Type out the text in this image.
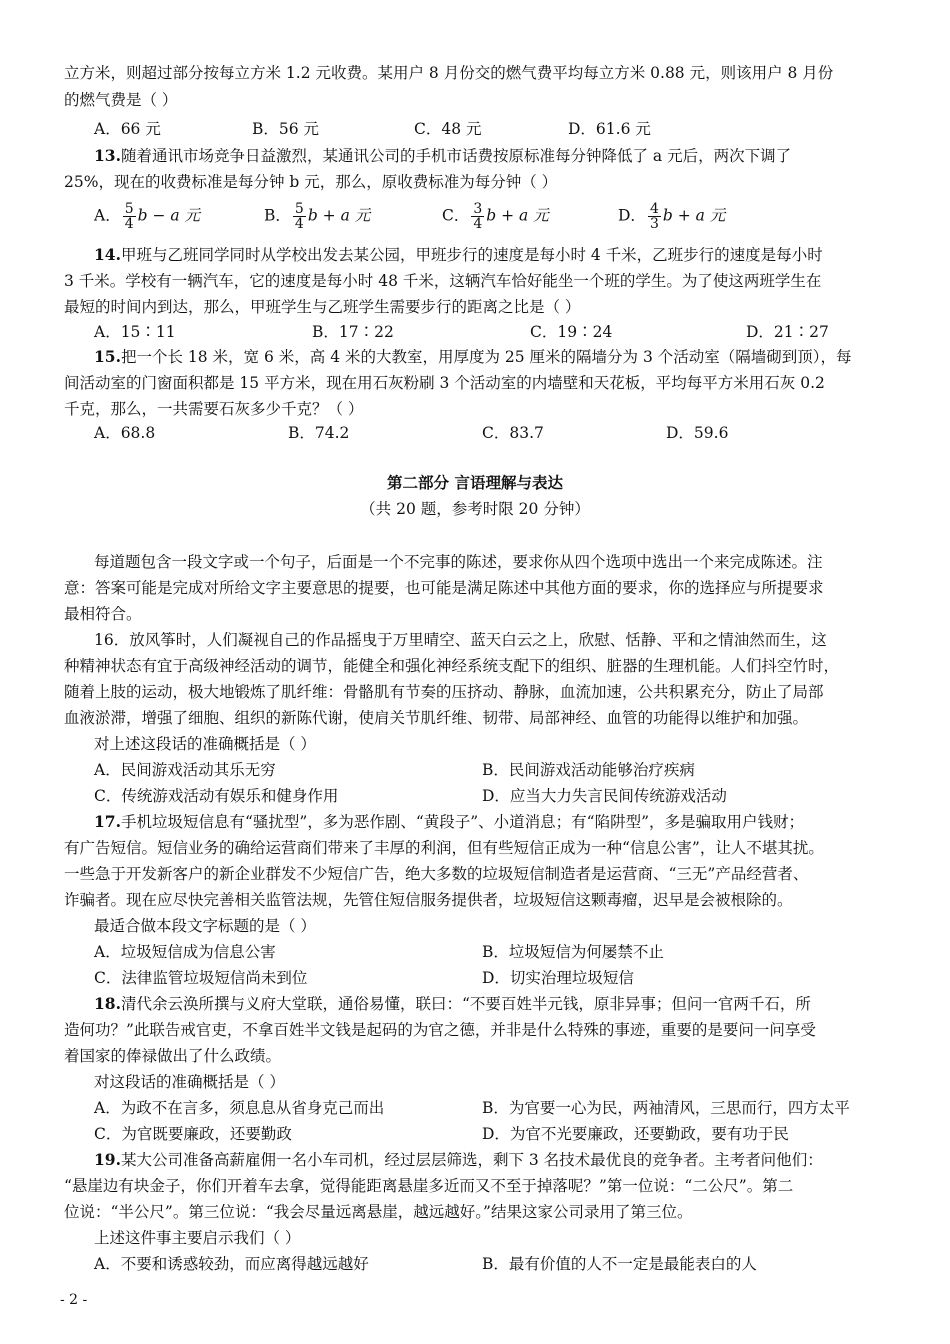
立方米，则超过部分按每立方米 1.2 元收费。某用户 8 月份交的燃气费平均每立方米 0.88 元，则该用户 8 月份
的燃气费是（ ）
A．66 元	B．56 元	C．48 元	D．61.6 元
13.随着通讯市场竞争日益激烈，某通讯公司的手机市话费按原标准每分钟降低了 a 元后，两次下调了
25%，现在的收费标准是每分钟 b 元，那么，原收费标准为每分钟（ ）
A． $\frac{5}{4}$ b − a 元	B． $\frac{5}{4}$ b + a 元	C． $\frac{3}{4}$ b + a 元	D． $\frac{4}{3}$ b + a 元
14.甲班与乙班同学同时从学校出发去某公园，甲班步行的速度是每小时 4 千米，乙班步行的速度是每小时
3 千米。学校有一辆汽车，它的速度是每小时 48 千米，这辆汽车恰好能坐一个班的学生。为了使这两班学生在
最短的时间内到达，那么，甲班学生与乙班学生需要步行的距离之比是（ ）
A．15∶11	B．17∶22	C．19∶24	D．21∶27
15.把一个长 18 米，宽 6 米，高 4 米的大教室，用厚度为 25 厘米的隔墙分为 3 个活动室（隔墙砌到顶），每
间活动室的门窗面积都是 15 平方米，现在用石灰粉刷 3 个活动室的内墙壁和天花板，平均每平方米用石灰 0.2
千克，那么，一共需要石灰多少千克？（ ）
A．68.8	B．74.2	C．83.7	D．59.6
第二部分 言语理解与表达
（共 20 题，参考时限 20 分钟）
每道题包含一段文字或一个句子，后面是一个不完事的陈述，要求你从四个选项中选出一个来完成陈述。注
意：答案可能是完成对所给文字主要意思的提要，也可能是满足陈述中其他方面的要求，你的选择应与所提要求
最相符合。
16．放风筝时，人们凝视自己的作品摇曳于万里晴空、蓝天白云之上，欣慰、恬静、平和之情油然而生，这
种精神状态有宜于高级神经活动的调节，能健全和强化神经系统支配下的组织、脏器的生理机能。人们抖空竹时，
随着上肢的运动，极大地锻炼了肌纤维：骨骼肌有节奏的压挤动、静脉，血流加速，公共积累充分，防止了局部
血液淤滞，增强了细胞、组织的新陈代谢，使肩关节肌纤维、韧带、局部神经、血管的功能得以维护和加强。
对上述这段话的准确概括是（ ）
A．民间游戏活动其乐无穷	B．民间游戏活动能够治疗疾病
C．传统游戏活动有娱乐和健身作用	D．应当大力失言民间传统游戏活动
17.手机垃圾短信息有“骚扰型”，多为恶作剧、“黄段子”、小道消息；有“陷阱型”，多是骗取用户钱财；
有广告短信。短信业务的确给运营商们带来了丰厚的利润，但有些短信正成为一种“信息公害”，让人不堪其扰。
一些急于开发新客户的新企业群发不少短信广告，绝大多数的垃圾短信制造者是运营商、“三无”产品经营者、
诈骗者。现在应尽快完善相关监管法规，先管住短信服务提供者，垃圾短信这颗毒瘤，迟早是会被根除的。
最适合做本段文字标题的是（ ）
A．垃圾短信成为信息公害	B．垃圾短信为何屡禁不止
C．法律监管垃圾短信尚未到位	D．切实治理垃圾短信
18.清代余云涣所撰与义府大堂联，通俗易懂，联曰：“不要百姓半元钱，原非异事；但问一官两千石，所
造何功？”此联告戒官吏，不拿百姓半文钱是起码的为官之德，并非是什么特殊的事迹，重要的是要问一问享受
着国家的俸禄做出了什么政绩。
对这段话的准确概括是（ ）
A．为政不在言多，须息息从省身克己而出	B．为官要一心为民，两袖清风，三思而行，四方太平
C．为官既要廉政，还要勤政	D．为官不光要廉政，还要勤政，要有功于民
19.某大公司准备高薪雇佣一名小车司机，经过层层筛选，剩下 3 名技术最优良的竞争者。主考者问他们：
“悬崖边有块金子，你们开着车去拿，觉得能距离悬崖多近而又不至于掉落呢？”第一位说：“二公尺”。第二
位说：“半公尺”。第三位说：“我会尽量远离悬崖，越远越好。”结果这家公司录用了第三位。
上述这件事主要启示我们（ ）
A．不要和诱惑较劲，而应离得越远越好	B．最有价值的人不一定是最能表白的人
- 2 -
